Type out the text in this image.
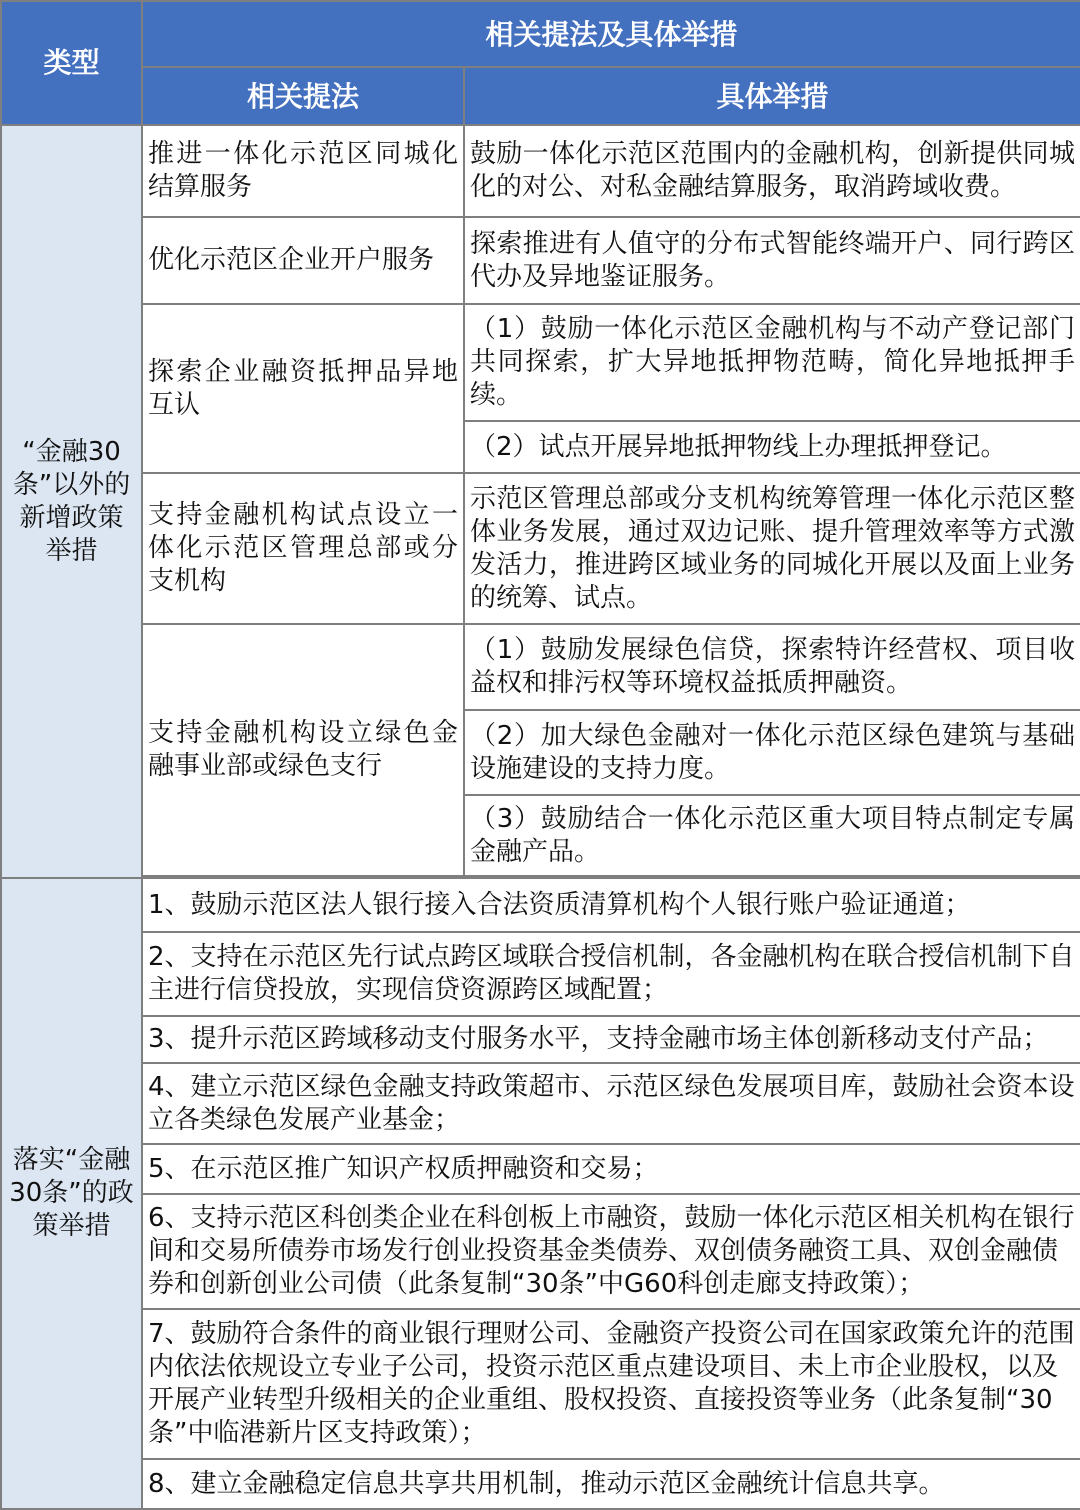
类型	相关提法及具体举措	
	相关提法	具体举措
“金融30条”以外的新增政策举措	推进一体化示范区同城化结算服务	鼓励一体化示范区范围内的金融机构，创新提供同城化的对公、对私金融结算服务，取消跨域收费。
	优化示范区企业开户服务	探索推进有人值守的分布式智能终端开户、同行跨区代办及异地鉴证服务。
	探索企业融资抵押品异地互认	（1）鼓励一体化示范区金融机构与不动产登记部门共同探索，扩大异地抵押物范畴，简化异地抵押手续。
		（2）试点开展异地抵押物线上办理抵押登记。
	支持金融机构试点设立一体化示范区管理总部或分支机构	示范区管理总部或分支机构统筹管理一体化示范区整体业务发展，通过双边记账、提升管理效率等方式激发活力，推进跨区域业务的同城化开展以及面上业务的统筹、试点。
	支持金融机构设立绿色金融事业部或绿色支行	（1）鼓励发展绿色信贷，探索特许经营权、项目收益权和排污权等环境权益抵质押融资。
		（2）加大绿色金融对一体化示范区绿色建筑与基础设施建设的支持力度。
		（3）鼓励结合一体化示范区重大项目特点制定专属金融产品。

落实“金融30条”的政策举措	1、鼓励示范区法人银行接入合法资质清算机构个人银行账户验证通道；	
	2、支持在示范区先行试点跨区域联合授信机制，各金融机构在联合授信机制下自主进行信贷投放，实现信贷资源跨区域配置；	
	3、提升示范区跨域移动支付服务水平，支持金融市场主体创新移动支付产品；	
	4、建立示范区绿色金融支持政策超市、示范区绿色发展项目库，鼓励社会资本设立各类绿色发展产业基金；	
	5、在示范区推广知识产权质押融资和交易；	
	6、支持示范区科创类企业在科创板上市融资，鼓励一体化示范区相关机构在银行间和交易所债券市场发行创业投资基金类债券、双创债务融资工具、双创金融债券和创新创业公司债（此条复制“30条”中G60科创走廊支持政策）；	
	7、鼓励符合条件的商业银行理财公司、金融资产投资公司在国家政策允许的范围内依法依规设立专业子公司，投资示范区重点建设项目、未上市企业股权，以及开展产业转型升级相关的企业重组、股权投资、直接投资等业务（此条复制“30条”中临港新片区支持政策）；	
	8、建立金融稳定信息共享共用机制，推动示范区金融统计信息共享。	
